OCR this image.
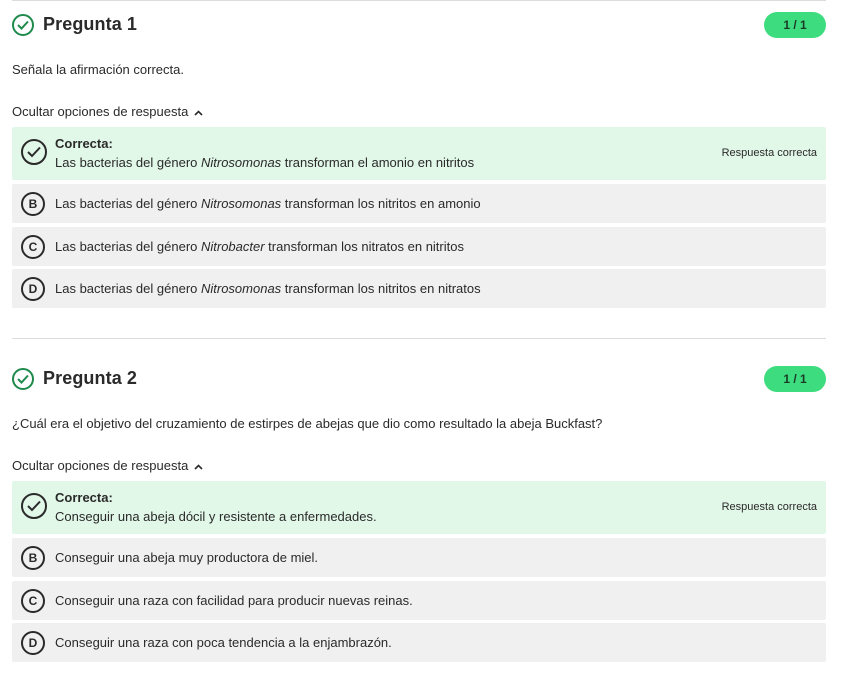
Pregunta 1	1 / 1
Señala la afirmación correcta.
Ocultar opciones de respuesta
Correcta:
Las bacterias del género Nitrosomonas transforman el amonio en nitritos
Respuesta correcta
B	Las bacterias del género Nitrosomonas transforman los nitritos en amonio
C	Las bacterias del género Nitrobacter transforman los nitratos en nitritos
D	Las bacterias del género Nitrosomonas transforman los nitritos en nitratos
Pregunta 2	1 / 1
¿Cuál era el objetivo del cruzamiento de estirpes de abejas que dio como resultado la abeja Buckfast?
Ocultar opciones de respuesta
Correcta:
Conseguir una abeja dócil y resistente a enfermedades.
Respuesta correcta
B	Conseguir una abeja muy productora de miel.
C	Conseguir una raza con facilidad para producir nuevas reinas.
D	Conseguir una raza con poca tendencia a la enjambrazón.
